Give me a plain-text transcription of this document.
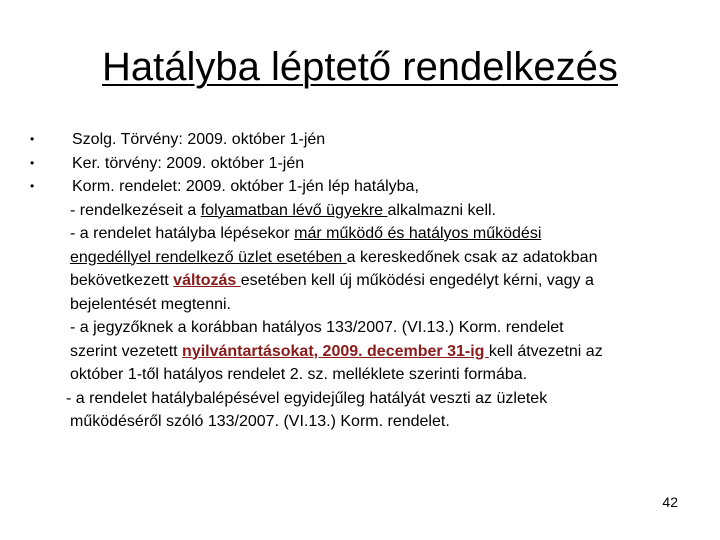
Hatályba léptető rendelkezés
•	Szolg. Törvény: 2009. október 1-jén
•	Ker. törvény: 2009. október 1-jén
•	Korm. rendelet: 2009. október 1-jén lép hatályba,
- rendelkezéseit a folyamatban lévő ügyekre alkalmazni kell.
- a rendelet hatályba lépésekor már működő és hatályos működési
engedéllyel rendelkező üzlet esetében a kereskedőnek csak az adatokban
bekövetkezett változás esetében kell új működési engedélyt kérni, vagy a
bejelentését megtenni.
- a jegyzőknek a korábban hatályos 133/2007. (VI.13.) Korm. rendelet
szerint vezetett nyilvántartásokat, 2009. december 31-ig kell átvezetni az
október 1-től hatályos rendelet 2. sz. melléklete szerinti formába.
- a rendelet hatálybalépésével egyidejűleg hatályát veszti az üzletek
működéséről szóló 133/2007. (VI.13.) Korm. rendelet.
42
